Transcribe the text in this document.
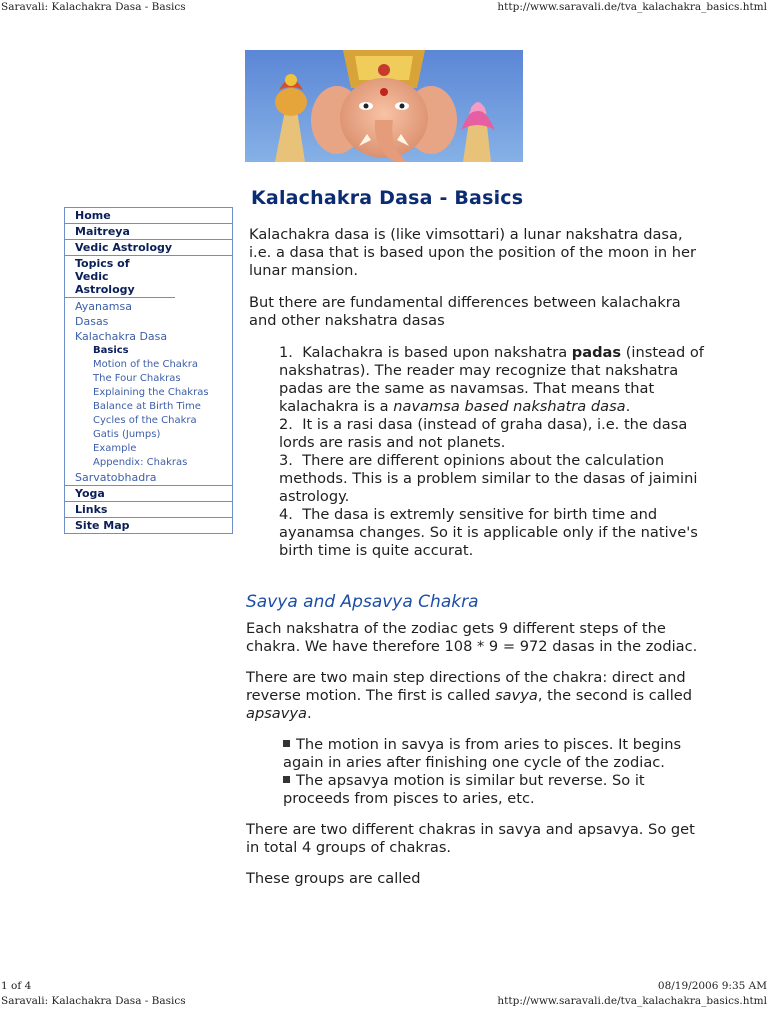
Saravali: Kalachakra Dasa - Basics	http://www.saravali.de/tva_kalachakra_basics.html
Home
Maitreya
Vedic Astrology
Topics of Vedic Astrology
Ayanamsa
Dasas
Kalachakra Dasa
Basics
Motion of the Chakra
The Four Chakras
Explaining the Chakras
Balance at Birth Time
Cycles of the Chakra
Gatis (Jumps)
Example
Appendix: Chakras
Sarvatobhadra
Yoga
Links
Site Map
Kalachakra Dasa - Basics

Kalachakra dasa is (like vimsottari) a lunar nakshatra dasa, i.e. a dasa that is based upon the position of the moon in her lunar mansion.

But there are fundamental differences between kalachakra and other nakshatra dasas

1. Kalachakra is based upon nakshatra padas (instead of nakshatras). The reader may recognize that nakshatra padas are the same as navamsas. That means that kalachakra is a navamsa based nakshatra dasa.
2. It is a rasi dasa (instead of graha dasa), i.e. the dasa lords are rasis and not planets.
3. There are different opinions about the calculation methods. This is a problem similar to the dasas of jaimini astrology.
4. The dasa is extremly sensitive for birth time and ayanamsa changes. So it is applicable only if the native's birth time is quite accurat.
Savya and Apsavya Chakra

Each nakshatra of the zodiac gets 9 different steps of the chakra. We have therefore 108 * 9 = 972 dasas in the zodiac.

There are two main step directions of the chakra: direct and reverse motion. The first is called savya, the second is called apsavya.

The motion in savya is from aries to pisces. It begins again in aries after finishing one cycle of the zodiac.
The apsavya motion is similar but reverse. So it proceeds from pisces to aries, etc.

There are two different chakras in savya and apsavya. So get in total 4 groups of chakras.

These groups are called

1 of 4	08/19/2006 9:35 AM
Saravali: Kalachakra Dasa - Basics	http://www.saravali.de/tva_kalachakra_basics.html
